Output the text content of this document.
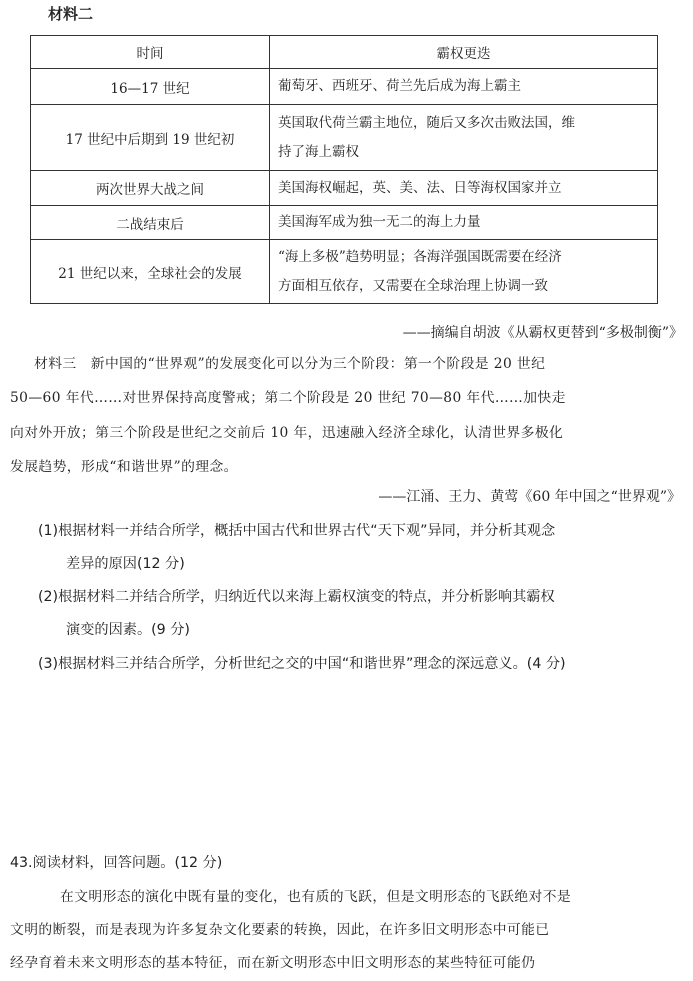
材料二
时间	霸权更迭
16—17 世纪	葡萄牙、西班牙、荷兰先后成为海上霸主

17 世纪中后期到 19 世纪初	英国取代荷兰霸主地位，随后又多次击败法国，维
持了海上霸权

两次世界大战之间	美国海权崛起，英、美、法、日等海权国家并立

二战结束后	美国海军成为独一无二的海上力量

21 世纪以来，全球社会的发展	“海上多极”趋势明显；各海洋强国既需要在经济
方面相互依存，又需要在全球治理上协调一致
——摘编自胡波《从霸权更替到“多极制衡”》
材料三　新中国的“世界观”的发展变化可以分为三个阶段：第一个阶段是 20 世纪
50—60 年代……对世界保持高度警戒；第二个阶段是 20 世纪 70—80 年代……加快走
向对外开放；第三个阶段是世纪之交前后 10 年，迅速融入经济全球化，认清世界多极化
发展趋势，形成“和谐世界”的理念。
——江涌、王力、黄莺《60 年中国之“世界观”》
(1)根据材料一并结合所学，概括中国古代和世界古代“天下观”异同，并分析其观念
差异的原因(12 分)
(2)根据材料二并结合所学，归纳近代以来海上霸权演变的特点，并分析影响其霸权
演变的因素。(9 分)
(3)根据材料三并结合所学，分析世纪之交的中国“和谐世界”理念的深远意义。(4 分)
43.阅读材料，回答问题。(12 分)
在文明形态的演化中既有量的变化，也有质的飞跃，但是文明形态的飞跃绝对不是
文明的断裂，而是表现为许多复杂文化要素的转换，因此，在许多旧文明形态中可能已
经孕育着未来文明形态的基本特征，而在新文明形态中旧文明形态的某些特征可能仍
